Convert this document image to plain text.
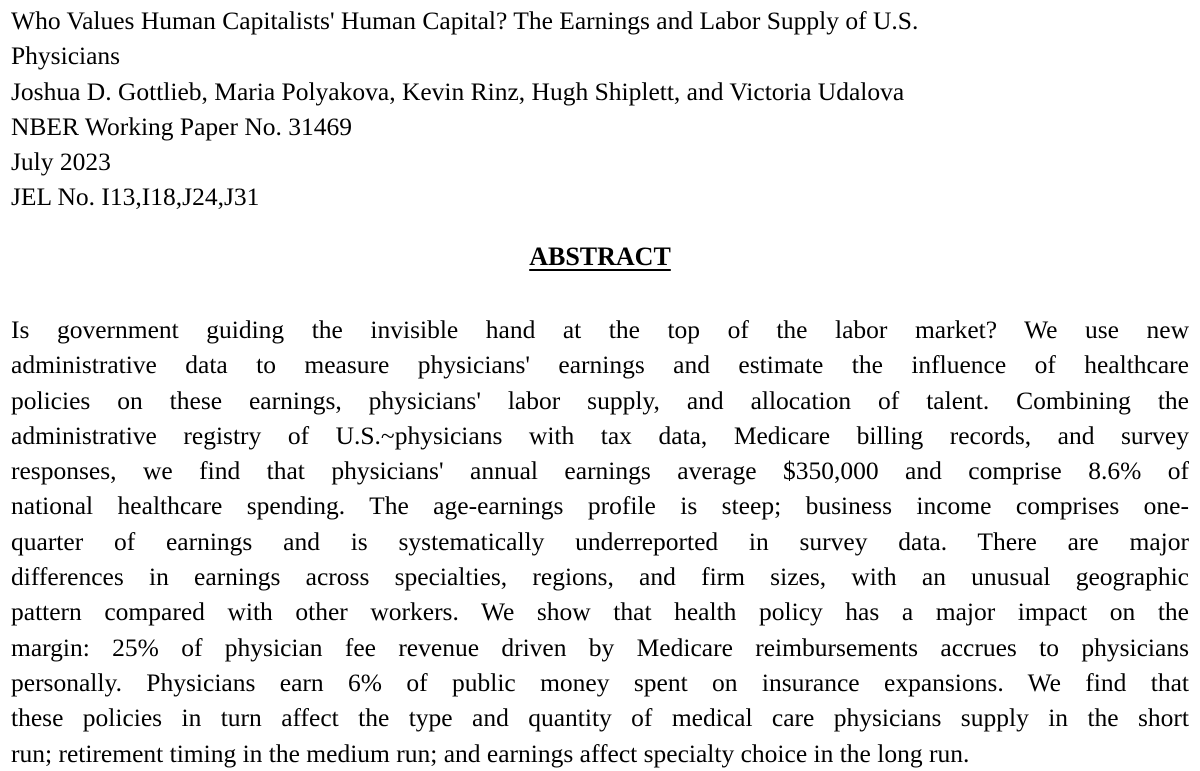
Who Values Human Capitalists' Human Capital? The Earnings and Labor Supply of U.S.
Physicians
Joshua D. Gottlieb, Maria Polyakova, Kevin Rinz, Hugh Shiplett, and Victoria Udalova
NBER Working Paper No. 31469
July 2023
JEL No. I13,I18,J24,J31
ABSTRACT
Is government guiding the invisible hand at the top of the labor market? We use new
administrative data to measure physicians' earnings and estimate the influence of healthcare
policies on these earnings, physicians' labor supply, and allocation of talent. Combining the
administrative registry of U.S.~physicians with tax data, Medicare billing records, and survey
responses, we find that physicians' annual earnings average $350,000 and comprise 8.6% of
national healthcare spending. The age-earnings profile is steep; business income comprises one-
quarter of earnings and is systematically underreported in survey data. There are major
differences in earnings across specialties, regions, and firm sizes, with an unusual geographic
pattern compared with other workers. We show that health policy has a major impact on the
margin: 25% of physician fee revenue driven by Medicare reimbursements accrues to physicians
personally. Physicians earn 6% of public money spent on insurance expansions. We find that
these policies in turn affect the type and quantity of medical care physicians supply in the short
run; retirement timing in the medium run; and earnings affect specialty choice in the long run.
